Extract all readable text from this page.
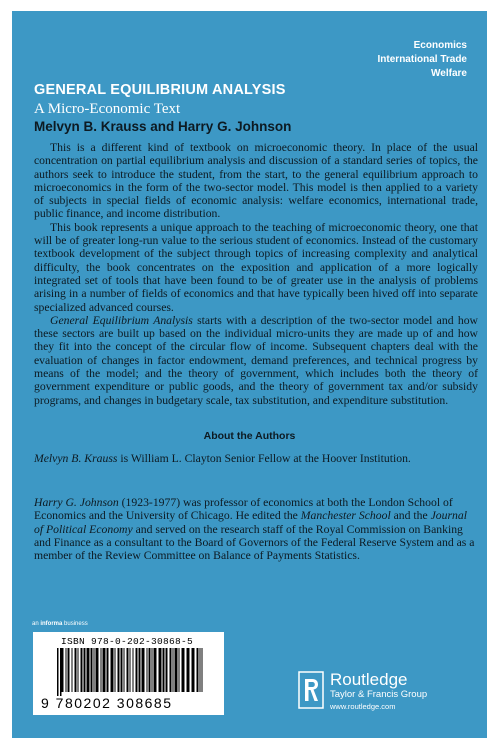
Economics
International Trade
Welfare
GENERAL EQUILIBRIUM ANALYSIS
A Micro-Economic Text
Melvyn B. Krauss and Harry G. Johnson

This is a different kind of textbook on microeconomic theory. In place of the usual concentration on partial equilibrium analysis and discussion of a standard series of topics, the authors seek to introduce the student, from the start, to the general equilibrium approach to microeconomics in the form of the two-sector model. This model is then applied to a variety of subjects in special fields of economic analysis: welfare economics, international trade, public finance, and income distribution.

This book represents a unique approach to the teaching of microeconomic theory, one that will be of greater long-run value to the serious student of economics. Instead of the customary textbook development of the subject through topics of increasing complexity and analytical difficulty, the book concentrates on the exposition and application of a more logically integrated set of tools that have been found to be of greater use in the analysis of problems arising in a number of fields of economics and that have typically been hived off into separate specialized advanced courses.

General Equilibrium Analysis starts with a description of the two-sector model and how these sectors are built up based on the individual micro-units they are made up of and how they fit into the concept of the circular flow of income. Subsequent chapters deal with the evaluation of changes in factor endowment, demand preferences, and technical progress by means of the model; and the theory of government, which includes both the theory of government expenditure or public goods, and the theory of government tax and/or subsidy programs, and changes in budgetary scale, tax substitution, and expenditure substitution.

About the Authors

Melvyn B. Krauss is William L. Clayton Senior Fellow at the Hoover Institution.

Harry G. Johnson (1923-1977) was professor of economics at both the London School of Economics and the University of Chicago. He edited the Manchester School and the Journal of Political Economy and served on the research staff of the Royal Commission on Banking and Finance as a consultant to the Board of Governors of the Federal Reserve System and as a member of the Review Committee on Balance of Payments Statistics.

an informa business
ISBN 978-0-202-30868-5
9 780202 308685
Routledge
Taylor & Francis Group
www.routledge.com
